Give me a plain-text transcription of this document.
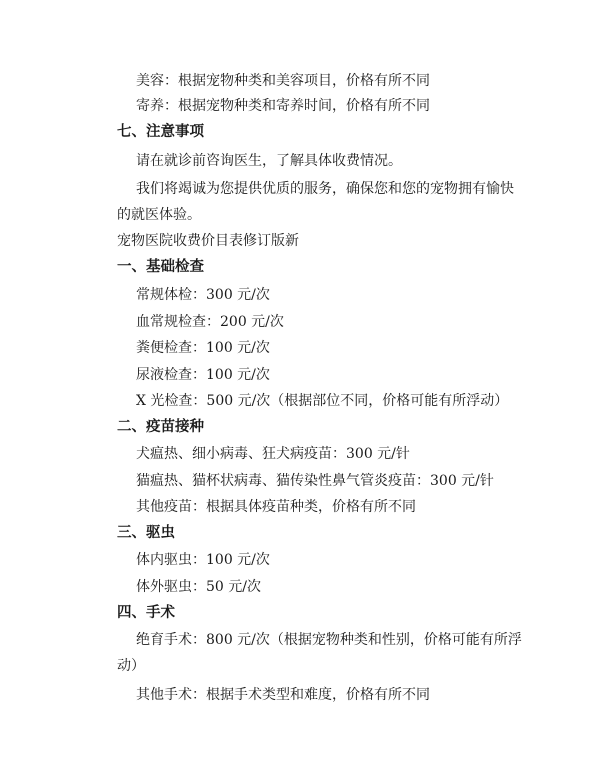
美容：根据宠物种类和美容项目，价格有所不同
寄养：根据宠物种类和寄养时间，价格有所不同
七、注意事项
请在就诊前咨询医生，了解具体收费情况。
我们将竭诚为您提供优质的服务，确保您和您的宠物拥有愉快
的就医体验。
宠物医院收费价目表修订版新
一、基础检查
常规体检：300 元/次
血常规检查：200 元/次
粪便检查：100 元/次
尿液检查：100 元/次
X 光检查：500 元/次（根据部位不同，价格可能有所浮动）
二、疫苗接种
犬瘟热、细小病毒、狂犬病疫苗：300 元/针
猫瘟热、猫杯状病毒、猫传染性鼻气管炎疫苗：300 元/针
其他疫苗：根据具体疫苗种类，价格有所不同
三、驱虫
体内驱虫：100 元/次
体外驱虫：50 元/次
四、手术
绝育手术：800 元/次（根据宠物种类和性别，价格可能有所浮
动）
其他手术：根据手术类型和难度，价格有所不同
